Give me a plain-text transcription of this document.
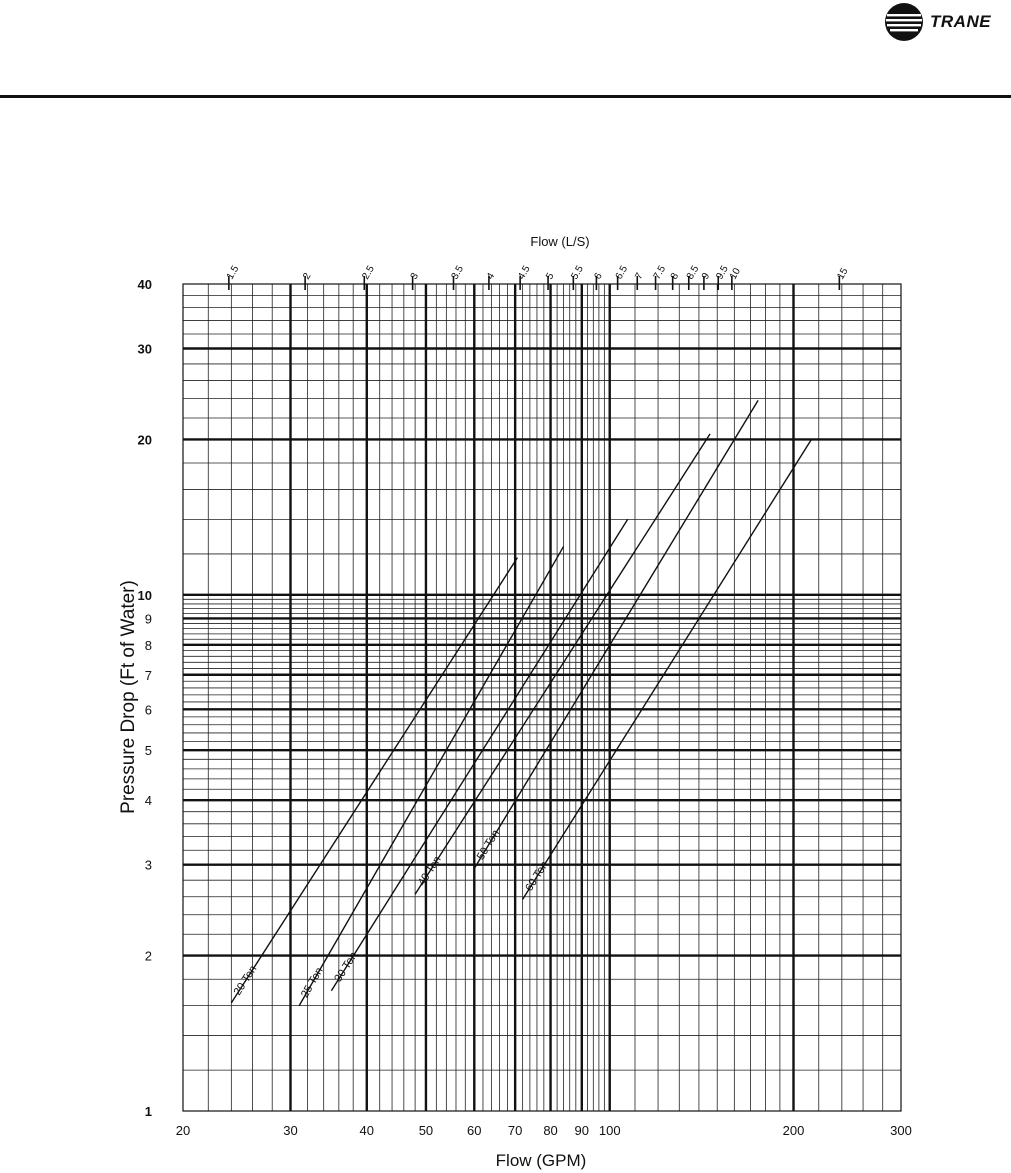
TRANE
20 Ton	25 Ton 30 Ton
40 Ton
50 Ton
60 Ton
20	30	40	50	60 70 80 90 100	200	300
1
2
3
4
5
6
7
8
9
10
20
30
40
1.5	2	2.5	3	3.5 4 4.5 5 5.5 6 6.5 7 7.5 8 8.5
9 9.5
10	15
Flow (GPM)
Flow (L/S)
Pressure Drop (Ft of Water)
